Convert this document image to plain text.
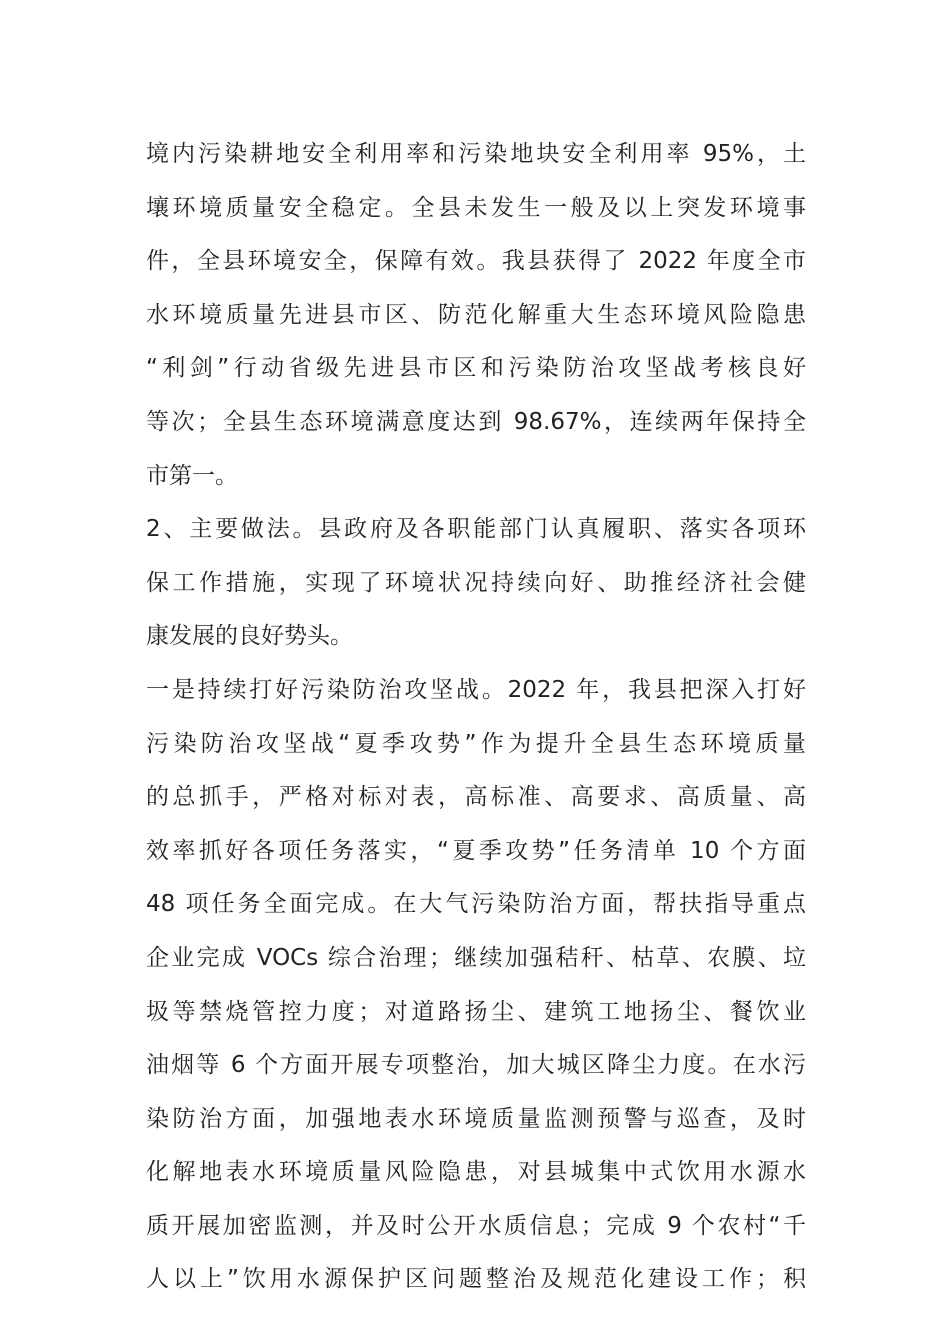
境内污染耕地安全利用率和污染地块安全利用率 95%，土
壤环境质量安全稳定。全县未发生一般及以上突发环境事
件，全县环境安全，保障有效。我县获得了 2022 年度全市
水环境质量先进县市区、防范化解重大生态环境风险隐患
“利剑”行动省级先进县市区和污染防治攻坚战考核良好
等次；全县生态环境满意度达到 98.67%，连续两年保持全
市第一。
2、主要做法。县政府及各职能部门认真履职、落实各项环
保工作措施，实现了环境状况持续向好、助推经济社会健
康发展的良好势头。
一是持续打好污染防治攻坚战。2022 年，我县把深入打好
污染防治攻坚战“夏季攻势”作为提升全县生态环境质量
的总抓手，严格对标对表，高标准、高要求、高质量、高
效率抓好各项任务落实，“夏季攻势”任务清单 10 个方面
48 项任务全面完成。在大气污染防治方面，帮扶指导重点
企业完成 VOCs 综合治理；继续加强秸秆、枯草、农膜、垃
圾等禁烧管控力度；对道路扬尘、建筑工地扬尘、餐饮业
油烟等 6 个方面开展专项整治，加大城区降尘力度。在水污
染防治方面，加强地表水环境质量监测预警与巡查，及时
化解地表水环境质量风险隐患，对县城集中式饮用水源水
质开展加密监测，并及时公开水质信息；完成 9 个农村“千
人以上”饮用水源保护区问题整治及规范化建设工作；积
